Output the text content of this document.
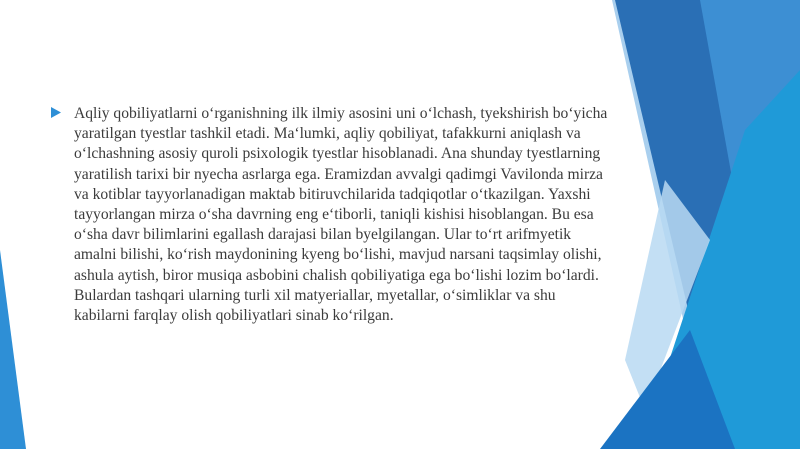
Aqliy qobiliyatlarni o‘rganishning ilk ilmiy asosini uni o‘lchash, tyekshirish bo‘yicha yaratilgan tyestlar tashkil etadi. Ma‘lumki, aqliy qobiliyat, tafakkurni aniqlash va o‘lchashning asosiy quroli psixologik tyestlar hisoblanadi. Ana shunday tyestlarning yaratilish tarixi bir nyecha asrlarga ega. Eramizdan avvalgi qadimgi Vavilonda mirza va kotiblar tayyorlanadigan maktab bitiruvchilarida tadqiqotlar o‘tkazilgan. Yaxshi tayyorlangan mirza o‘sha davrning eng e‘tiborli, taniqli kishisi hisoblangan. Bu esa o‘sha davr bilimlarini egallash darajasi bilan byelgilangan. Ular to‘rt arifmyetik amalni bilishi, ko‘rish maydonining kyeng bo‘lishi, mavjud narsani taqsimlay olishi, ashula aytish, biror musiqa asbobini chalish qobiliyatiga ega bo‘lishi lozim bo‘lardi. Bulardan tashqari ularning turli xil matyeriallar, myetallar, o‘simliklar va shu kabilarni farqlay olish qobiliyatlari sinab ko‘rilgan.
